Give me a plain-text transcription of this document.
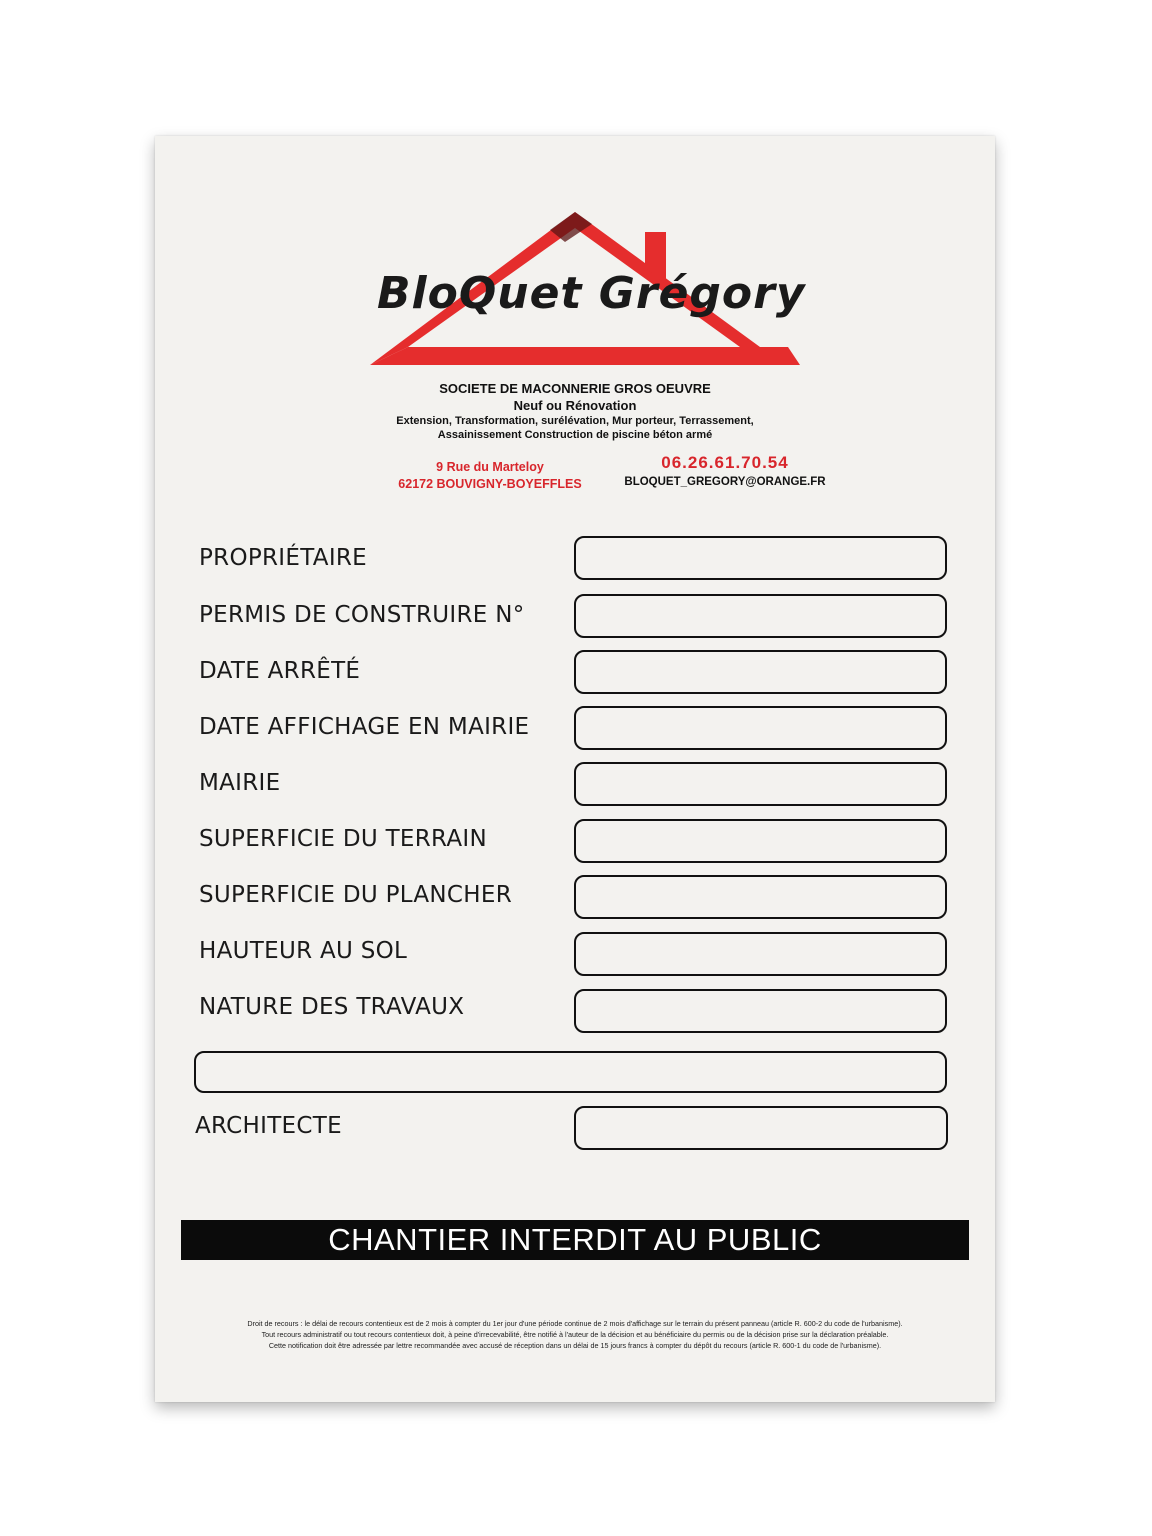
BloQuet Grégory
SOCIETE DE MACONNERIE GROS OEUVRE
Neuf ou Rénovation
Extension, Transformation, surélévation, Mur porteur, Terrassement,
Assainissement Construction de piscine béton armé
9 Rue du Marteloy
62172 BOUVIGNY-BOYEFFLES
06.26.61.70.54
BLOQUET_GREGORY@ORANGE.FR
PROPRIÉTAIRE
PERMIS DE CONSTRUIRE N°
DATE ARRÊTÉ
DATE AFFICHAGE EN MAIRIE
MAIRIE
SUPERFICIE DU TERRAIN
SUPERFICIE DU PLANCHER
HAUTEUR AU SOL
NATURE DES TRAVAUX
ARCHITECTE
CHANTIER INTERDIT AU PUBLIC
Droit de recours : le délai de recours contentieux est de 2 mois à compter du 1er jour d'une période continue de 2 mois d'affichage sur le terrain du présent panneau (article R. 600-2 du code de l'urbanisme).
Tout recours administratif ou tout recours contentieux doit, à peine d'irrecevabilité, être notifié à l'auteur de la décision et au bénéficiaire du permis ou de la décision prise sur la déclaration préalable.
Cette notification doit être adressée par lettre recommandée avec accusé de réception dans un délai de 15 jours francs à compter du dépôt du recours (article R. 600-1 du code de l'urbanisme).
